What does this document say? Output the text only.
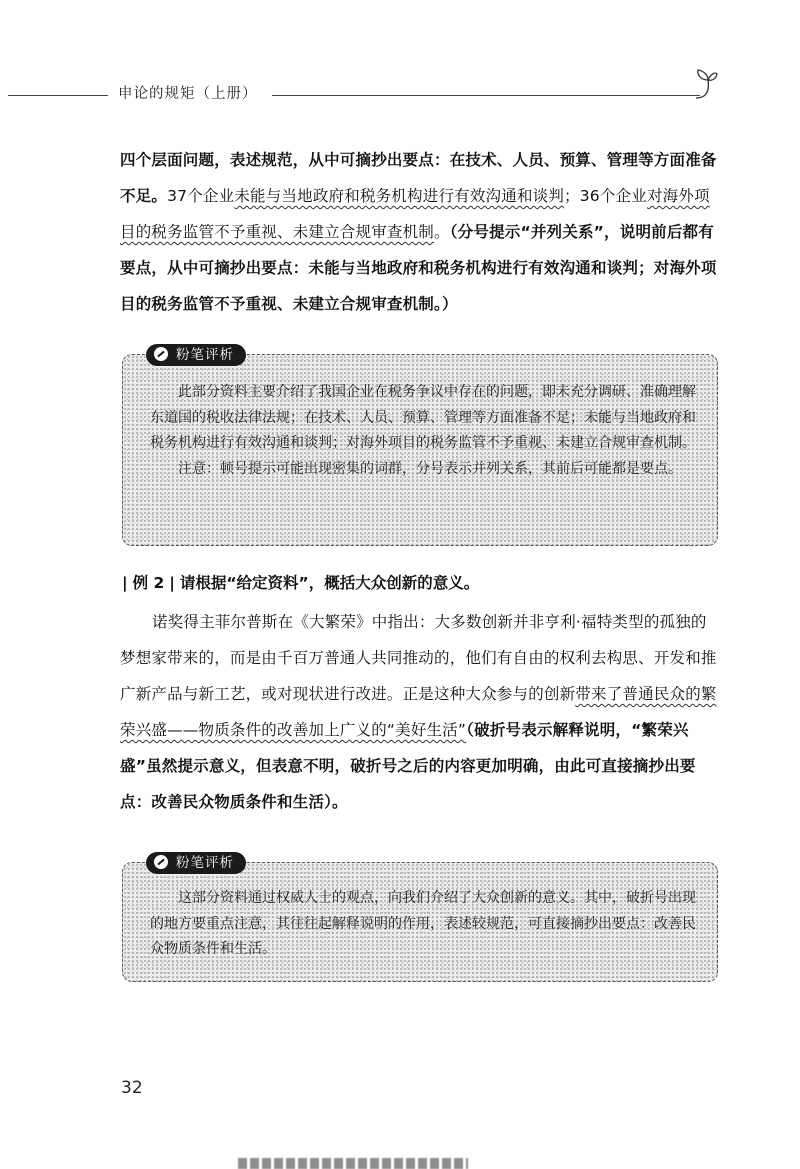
申论的规矩（上册）

四个层面问题，表述规范，从中可摘抄出要点：在技术、人员、预算、管理等方面准备不足。37个企业未能与当地政府和税务机构进行有效沟通和谈判；36个企业对海外项目的税务监管不予重视、未建立合规审查机制。（分号提示“并列关系”，说明前后都有要点，从中可摘抄出要点：未能与当地政府和税务机构进行有效沟通和谈判；对海外项目的税务监管不予重视、未建立合规审查机制。）

粉笔评析

此部分资料主要介绍了我国企业在税务争议中存在的问题，即未充分调研、准确理解东道国的税收法律法规；在技术、人员、预算、管理等方面准备不足；未能与当地政府和税务机构进行有效沟通和谈判；对海外项目的税务监管不予重视、未建立合规审查机制。

注意：顿号提示可能出现密集的词群，分号表示并列关系，其前后可能都是要点。

| 例 2 | 请根据“给定资料”，概括大众创新的意义。

诺奖得主菲尔普斯在《大繁荣》中指出：大多数创新并非亨利·福特类型的孤独的梦想家带来的，而是由千百万普通人共同推动的，他们有自由的权利去构思、开发和推广新产品与新工艺，或对现状进行改进。正是这种大众参与的创新带来了普通民众的繁荣兴盛——物质条件的改善加上广义的“美好生活”（破折号表示解释说明，“繁荣兴盛”虽然提示意义，但表意不明，破折号之后的内容更加明确，由此可直接摘抄出要点：改善民众物质条件和生活）。

粉笔评析

这部分资料通过权威人士的观点，向我们介绍了大众创新的意义。其中，破折号出现的地方要重点注意，其往往起解释说明的作用，表述较规范，可直接摘抄出要点：改善民众物质条件和生活。

32
